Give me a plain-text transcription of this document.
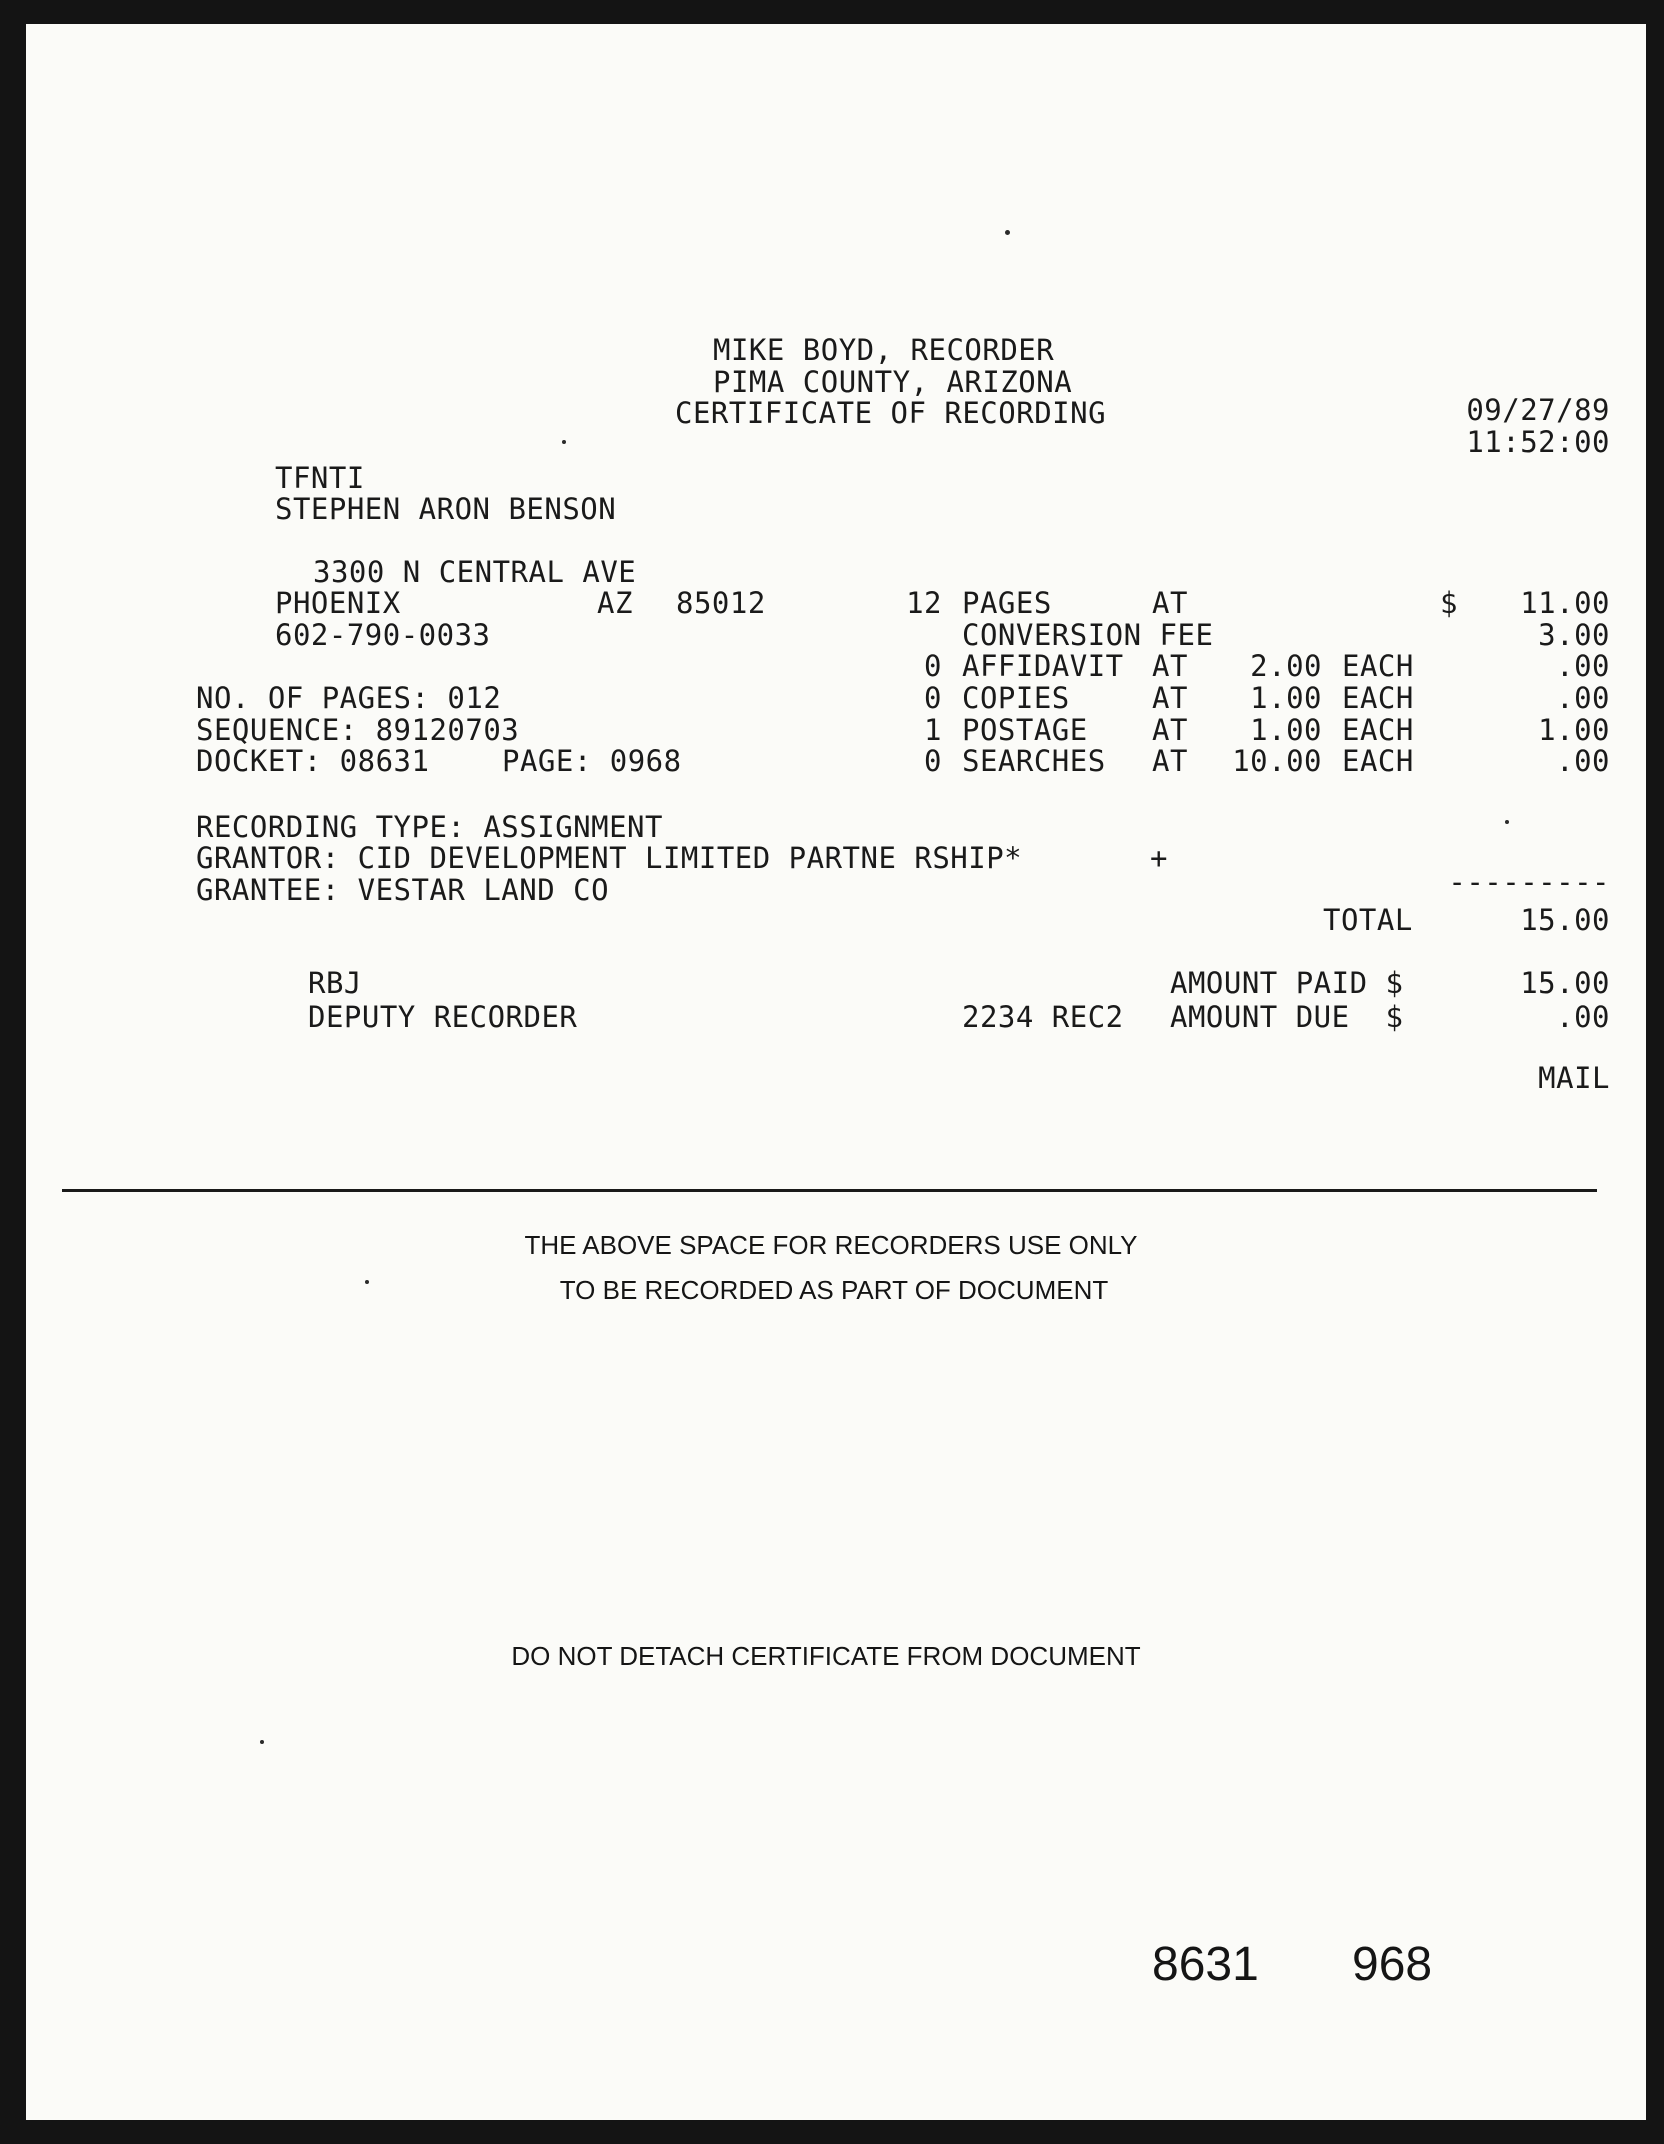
MIKE BOYD, RECORDER
PIMA COUNTY, ARIZONA
CERTIFICATE OF RECORDING	09/27/89
11:52:00
TFNTI
STEPHEN ARON BENSON
3300 N CENTRAL AVE
PHOENIX	AZ 85012
602-790-0033
NO. OF PAGES: 012
SEQUENCE: 89120703
DOCKET: 08631	PAGE: 0968
12 PAGES	AT	$	11.00
CONVERSION FEE	3.00
0 AFFIDAVIT AT	2.00 EACH	.00
0 COPIES	AT	1.00 EACH	.00
1 POSTAGE AT	1.00 EACH	1.00
0 SEARCHES AT	10.00 EACH	.00
RECORDING TYPE: ASSIGNMENT
GRANTOR: CID DEVELOPMENT LIMITED PARTNE RSHIP*	+
GRANTEE: VESTAR LAND CO	---------
TOTAL	15.00
RBJ
DEPUTY RECORDER	2234 REC2
AMOUNT PAID $	15.00
AMOUNT DUE  $	.00
MAIL
THE ABOVE SPACE FOR RECORDERS USE ONLY
TO BE RECORDED AS PART OF DOCUMENT
DO NOT DETACH CERTIFICATE FROM DOCUMENT
8631 968
